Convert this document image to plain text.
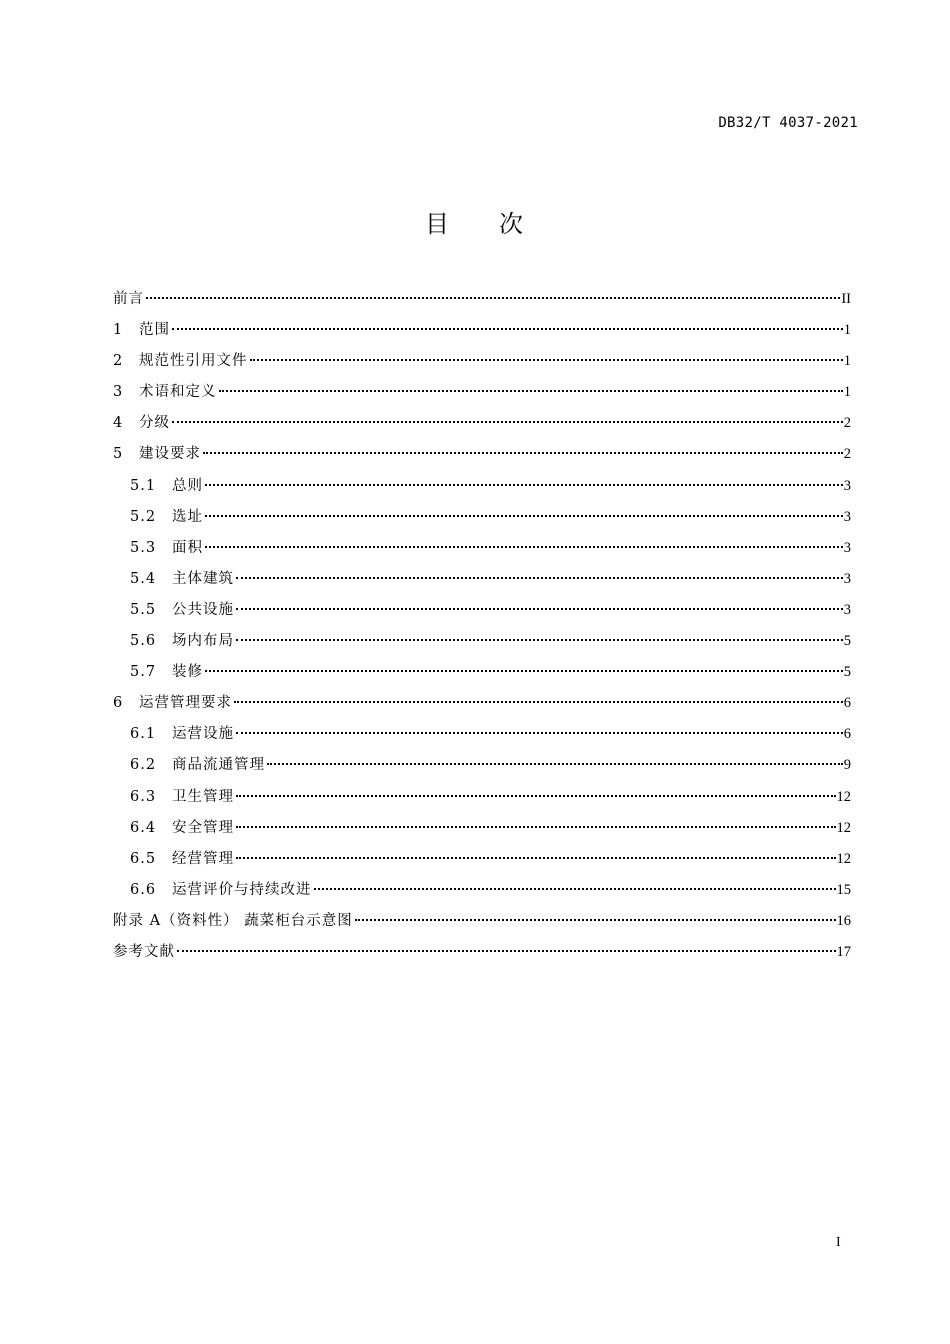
DB32/T 4037-2021
目 次
前言	II
1	范围	1
2	规范性引用文件	1
3	术语和定义	1
4	分级	2
5	建设要求	2
5.1	总则	3
5.2	选址	3
5.3	面积	3
5.4	主体建筑	3
5.5	公共设施	3
5.6	场内布局	5
5.7	装修	5
6	运营管理要求	6
6.1	运营设施	6
6.2	商品流通管理	9
6.3	卫生管理	12
6.4	安全管理	12
6.5	经营管理	12
6.6	运营评价与持续改进	15
附录 A（资料性） 蔬菜柜台示意图	16
参考文献	17
I
